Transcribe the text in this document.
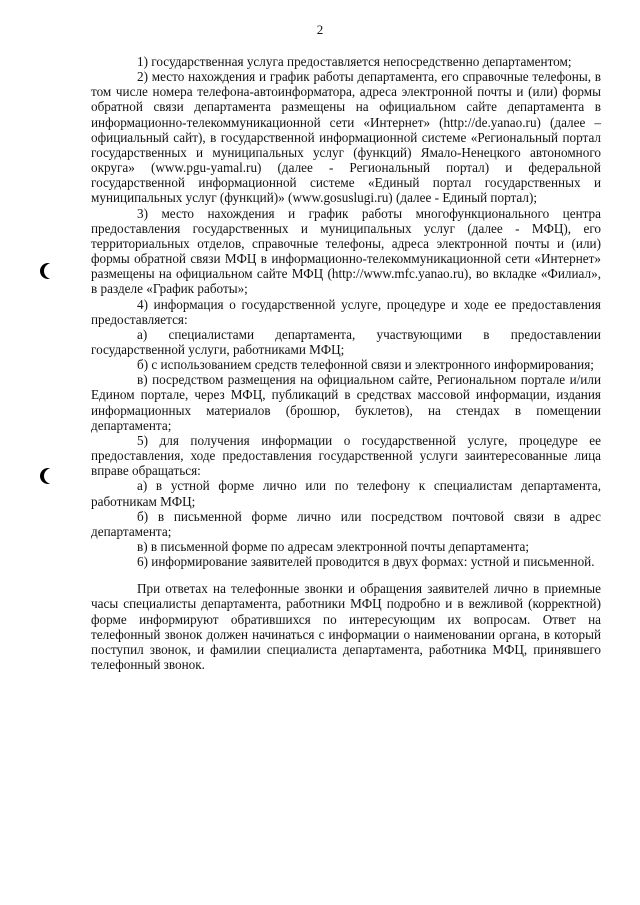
2

1) государственная услуга предоставляется непосредственно департаментом;

2) место нахождения и график работы департамента, его справочные телефоны, в том числе номера телефона-автоинформатора, адреса электронной почты и (или) формы обратной связи департамента размещены на официальном сайте департамента в информационно-телекоммуникационной сети «Интернет» (http://de.yanao.ru) (далее – официальный сайт), в государственной информационной системе «Региональный портал государственных и муниципальных услуг (функций) Ямало-Ненецкого автономного округа» (www.pgu-yamal.ru) (далее - Региональный портал) и федеральной государственной информационной системе «Единый портал государственных и муниципальных услуг (функций)» (www.gosuslugi.ru) (далее - Единый портал);

3) место нахождения и график работы многофункционального центра предоставления государственных и муниципальных услуг (далее - МФЦ), его территориальных отделов, справочные телефоны, адреса электронной почты и (или) формы обратной связи МФЦ в информационно-телекоммуникационной сети «Интернет» размещены на официальном сайте МФЦ (http://www.mfc.yanao.ru), во вкладке «Филиал», в разделе «График работы»;

4) информация о государственной услуге, процедуре и ходе ее предоставления предоставляется:

а) специалистами департамента, участвующими в предоставлении государственной услуги, работниками МФЦ;

б) с использованием средств телефонной связи и электронного информирования;

в) посредством размещения на официальном сайте, Региональном портале и/или Едином портале, через МФЦ, публикаций в средствах массовой информации, издания информационных материалов (брошюр, буклетов), на стендах в помещении департамента;

5) для получения информации о государственной услуге, процедуре ее предоставления, ходе предоставления государственной услуги заинтересованные лица вправе обращаться:

а) в устной форме лично или по телефону к специалистам департамента, работникам МФЦ;

б) в письменной форме лично или посредством почтовой связи в адрес департамента;

в) в письменной форме по адресам электронной почты департамента;

6) информирование заявителей проводится в двух формах: устной и письменной.

При ответах на телефонные звонки и обращения заявителей лично в приемные часы специалисты департамента, работники МФЦ подробно и в вежливой (корректной) форме информируют обратившихся по интересующим их вопросам. Ответ на телефонный звонок должен начинаться с информации о наименовании органа, в который поступил звонок, и фамилии специалиста департамента, работника МФЦ, принявшего телефонный звонок.
